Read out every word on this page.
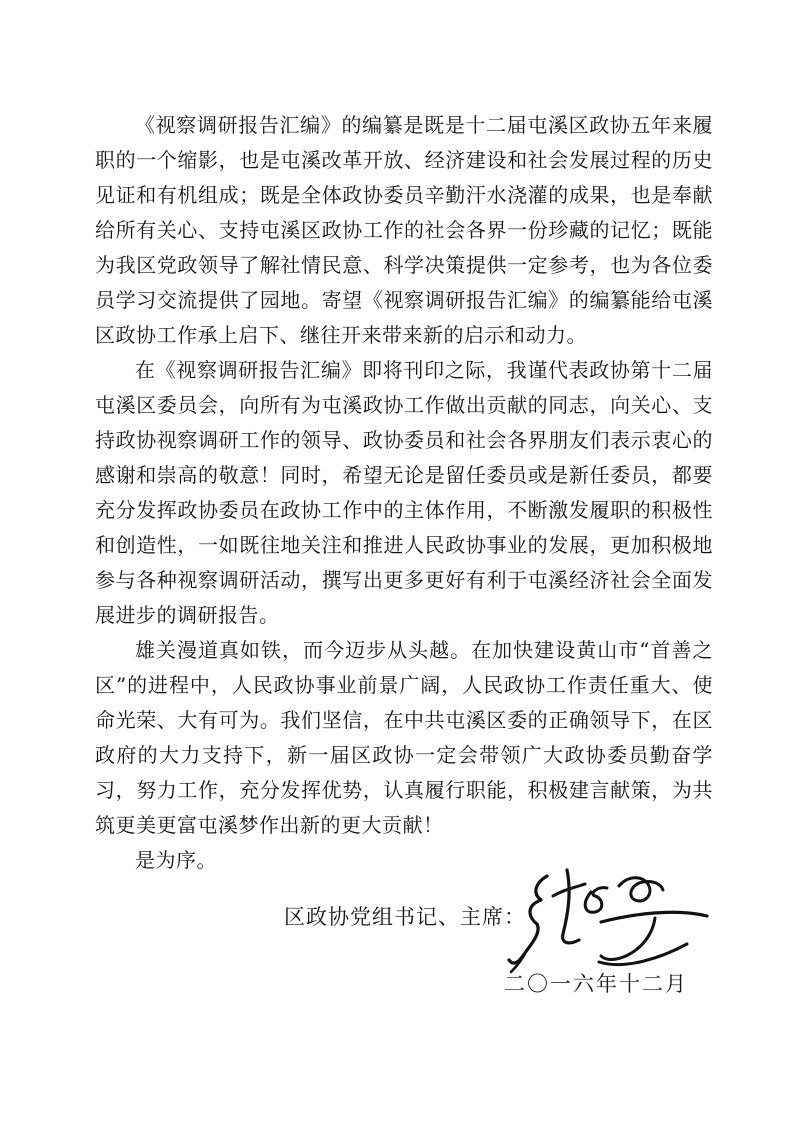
《视察调研报告汇编》的编纂是既是十二届屯溪区政协五年来履职的一个缩影，也是屯溪改革开放、经济建设和社会发展过程的历史见证和有机组成；既是全体政协委员辛勤汗水浇灌的成果，也是奉献给所有关心、支持屯溪区政协工作的社会各界一份珍藏的记忆；既能为我区党政领导了解社情民意、科学决策提供一定参考，也为各位委员学习交流提供了园地。寄望《视察调研报告汇编》的编纂能给屯溪区政协工作承上启下、继往开来带来新的启示和动力。

在《视察调研报告汇编》即将刊印之际，我谨代表政协第十二届屯溪区委员会，向所有为屯溪政协工作做出贡献的同志，向关心、支持政协视察调研工作的领导、政协委员和社会各界朋友们表示衷心的感谢和崇高的敬意！同时，希望无论是留任委员或是新任委员，都要充分发挥政协委员在政协工作中的主体作用，不断激发履职的积极性和创造性，一如既往地关注和推进人民政协事业的发展，更加积极地参与各种视察调研活动，撰写出更多更好有利于屯溪经济社会全面发展进步的调研报告。

雄关漫道真如铁，而今迈步从头越。在加快建设黄山市“首善之区”的进程中，人民政协事业前景广阔，人民政协工作责任重大、使命光荣、大有可为。我们坚信，在中共屯溪区委的正确领导下，在区政府的大力支持下，新一届区政协一定会带领广大政协委员勤奋学习，努力工作，充分发挥优势，认真履行职能，积极建言献策，为共筑更美更富屯溪梦作出新的更大贡献！

是为序。

区政协党组书记、主席：
二〇一六年十二月
